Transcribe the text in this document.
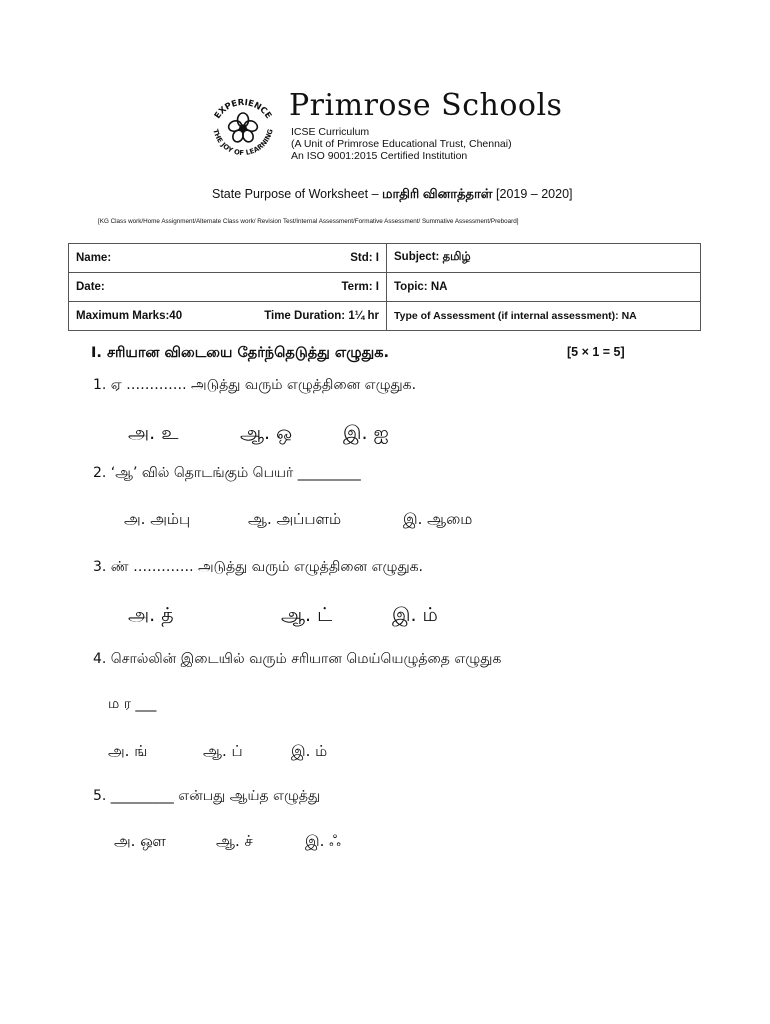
EXPERIENCE
THE JOY OF LEARNING
Primrose Schools
ICSE Curriculum
(A Unit of Primrose Educational Trust, Chennai)
An ISO 9001:2015 Certified Institution
State Purpose of Worksheet – மாதிரி வினாத்தாள் [2019 – 2020]
[KG Class work/Home Assignment/Alternate Class work/ Revision Test/Internal Assessment/Formative Assessment/ Summative Assessment/Preboard]
Name: Std: I	Subject: தமிழ்

Date: Term: I	Topic: NA

Maximum Marks:40 Time Duration: 1¼ hr	Type of Assessment (if internal assessment): NA
I. சரியான விடையை தேர்ந்தெடுத்து எழுதுக.	[5 × 1 = 5]
1. ஏ …………. அடுத்து வரும் எழுத்தினை எழுதுக.
அ. உ	ஆ. ஒ	இ. ஐ
2. ‘ஆ’ வில் தொடங்கும் பெயர் _________
அ. அம்பு	ஆ. அப்பளம்	இ. ஆமை
3. ண் …………. அடுத்து வரும் எழுத்தினை எழுதுக.
அ. த்	ஆ. ட்	இ. ம்
4. சொல்லின் இடையில் வரும் சரியான மெய்யெழுத்தை எழுதுக
ம ர ___
அ. ங்	ஆ. ப்	இ. ம்
5. _________ என்பது ஆய்த எழுத்து
அ. ஔ	ஆ. ச்	இ. ஃ
